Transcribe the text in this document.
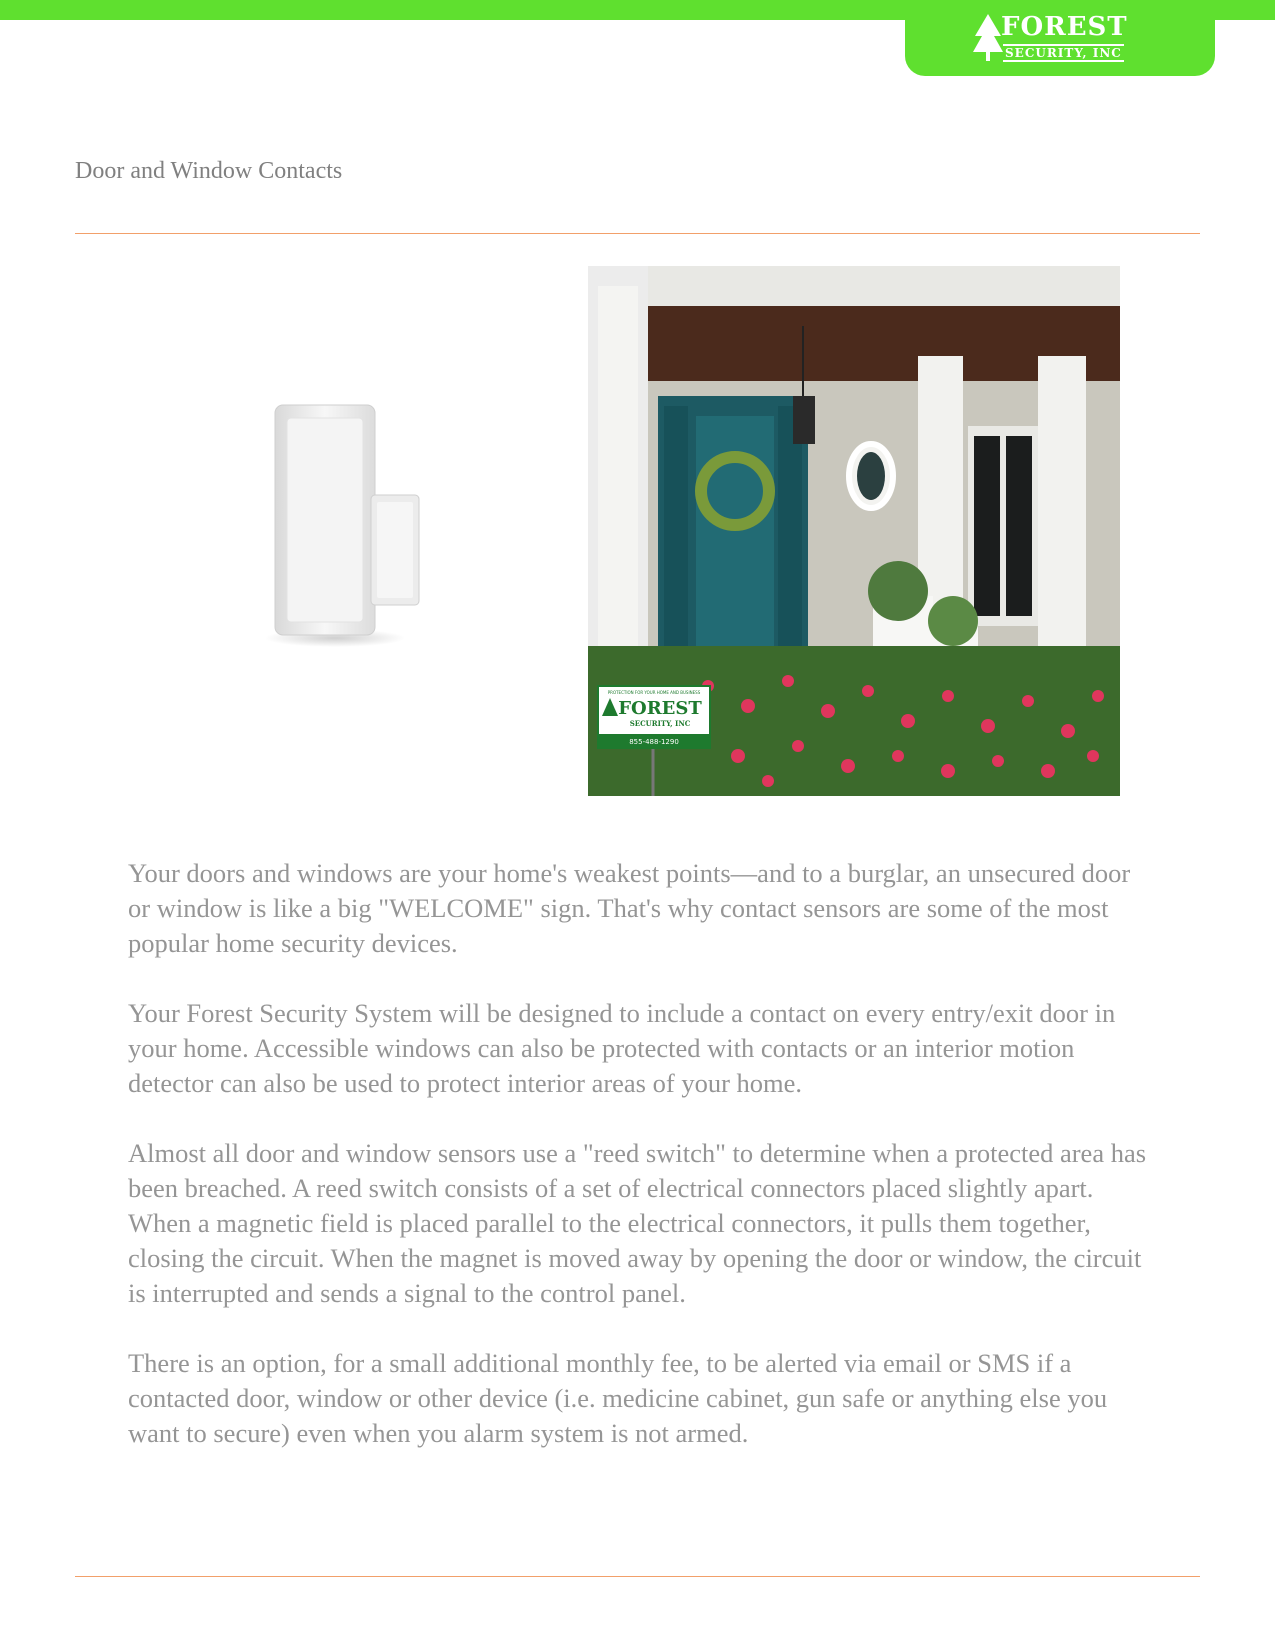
FOREST
SECURITY, INC
Door and Window Contacts
PROTECTION FOR YOUR HOME AND BUSINESS
FOREST
SECURITY, INC
855-488-1290

Your doors and windows are your home's weakest points—and to a burglar, an unsecured door or window is like a big "WELCOME" sign. That's why contact sensors are some of the most popular home security devices.

Your Forest Security System will be designed to include a contact on every entry/exit door in your home. Accessible windows can also be protected with contacts or an interior motion detector can also be used to protect interior areas of your home.

Almost all door and window sensors use a "reed switch" to determine when a protected area has been breached. A reed switch consists of a set of electrical connectors placed slightly apart. When a magnetic field is placed parallel to the electrical connectors, it pulls them together, closing the circuit. When the magnet is moved away by opening the door or window, the circuit is interrupted and sends a signal to the control panel.

There is an option, for a small additional monthly fee, to be alerted via email or SMS if a contacted door, window or other device (i.e. medicine cabinet, gun safe or anything else you want to secure) even when you alarm system is not armed.
